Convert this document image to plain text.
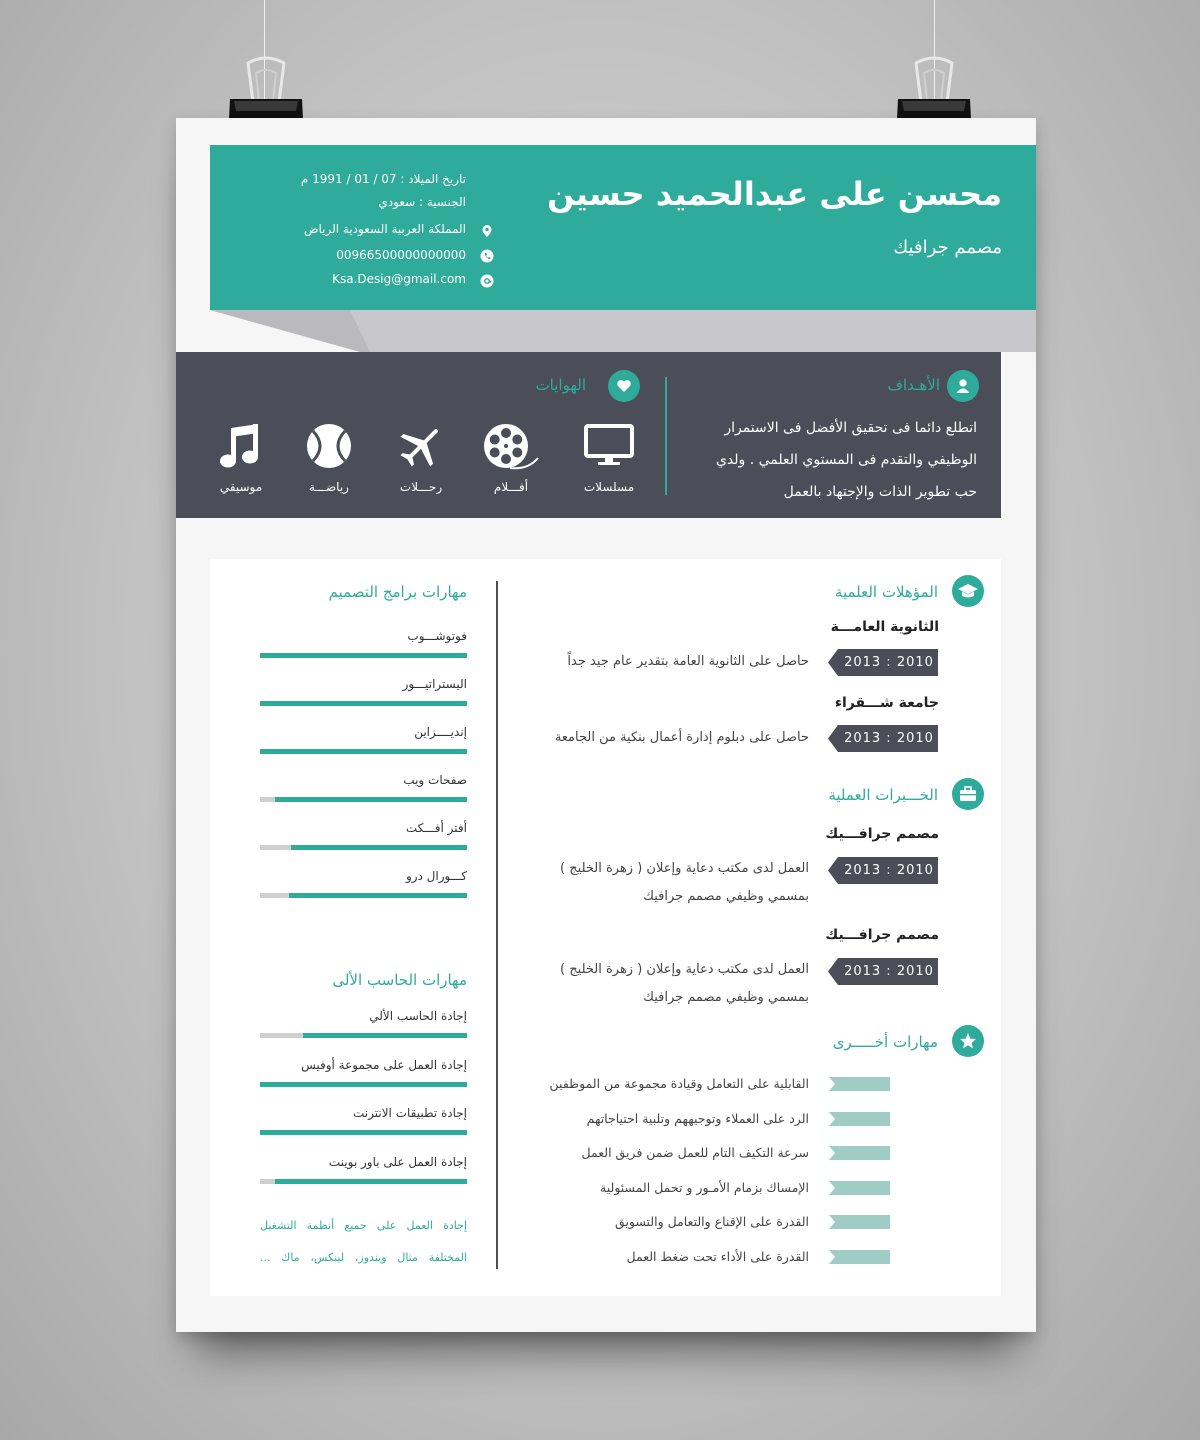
محسن على عبدالحميد حسين
مصمم جرافيك
تاريخ الميلاد : 07 / 01 / 1991 م
الجنسية : سعودي
المملكة العربية السعودية الرياض
00966500000000000
Ksa.Desig@gmail.com
الأهـداف
اتطلع دائما فى تحقيق الأفضل فى الاستمرار
الوظيفي والتقدم فى المستوي العلمي . ولدي
حب تطوير الذات والإجتهاد بالعمل
الهوايات
مسلسلات
أفـــلام
رحـــلات
رياضـــة
موسيقي
المؤهلات العلمية
الثانوية العامـــة
2013 : 2010
حاصل على الثانوية العامة بتقدير عام جيد جداً
جامعة شـــقراء
2013 : 2010
حاصل على دبلوم إدارة أعمال بنكية من الجامعة
الخـــبرات العملية
مصمم جرافـــيك
2013 : 2010
العمل لدى مكتب دعاية وإعلان ( زهرة الخليج )
بمسمي وظيفي مصمم جرافيك
مصمم جرافـــيك
2013 : 2010
العمل لدى مكتب دعاية وإعلان ( زهرة الخليج )
بمسمي وظيفي مصمم جرافيك
مهارات أخـــــرى
مهارات برامج التصميم
مهارات الحاسب الألى
إجادة العمل على جميع أنظمة التشغيل
المختلفة مثال ويندوز، لينكس، ماك ...
القابلية على التعامل وقيادة مجموعة من الموظفين
الرد على العملاء وتوجيههم وتلبية احتياجاتهم
سرعة التكيف التام للعمل ضمن فريق العمل
الإمساك بزمام الأمـور و تحمل المسئولية
القدرة على الإقناع والتعامل والتسويق
القدرة على الأداء تحت ضغط العمل
فوتوشـــوب
اليستراتيـــور
إنديــــزاين
صفحات ويب
أفتر أفـــكت
كـــورال درو
إجادة الحاسب الألي
إجادة العمل على مجموعة أوفيس
إجادة تطبيقات الانترنت
إجادة العمل على باور بوينت
